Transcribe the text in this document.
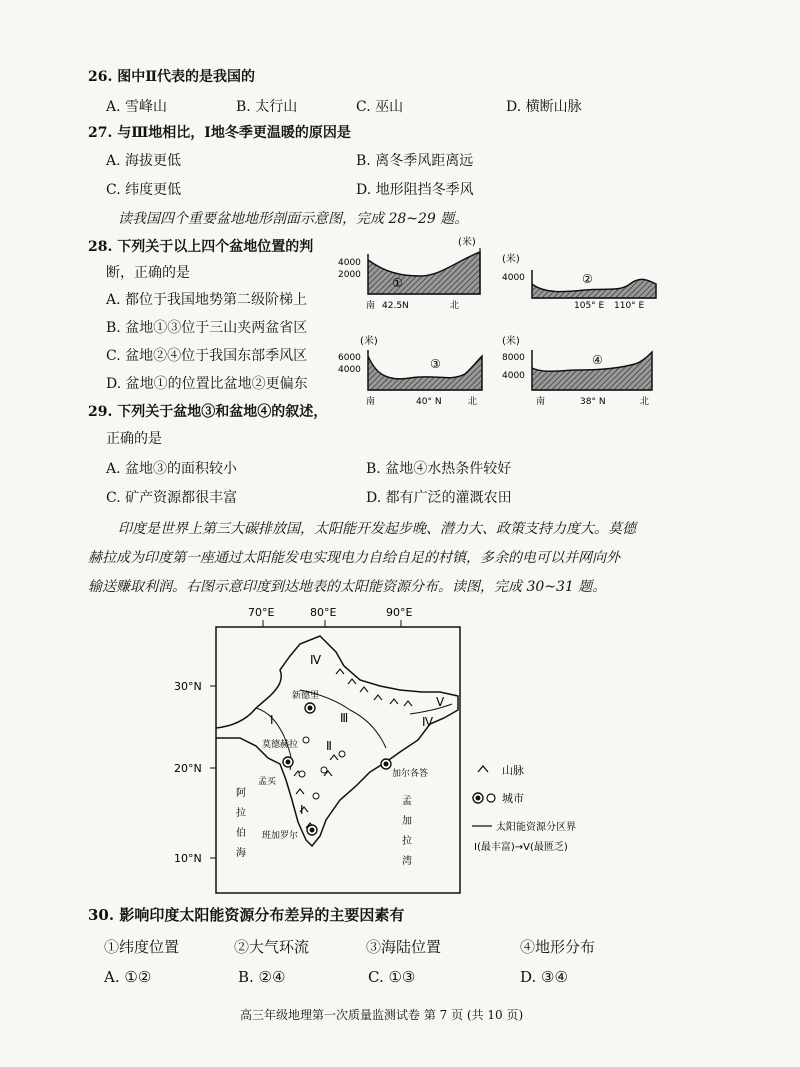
26. 图中Ⅱ代表的是我国的
A. 雪峰山	B. 太行山	C. 巫山	D. 横断山脉
27. 与Ⅲ地相比，Ⅰ地冬季更温暖的原因是
A. 海拔更低	B. 离冬季风距离远
C. 纬度更低	D. 地形阻挡冬季风
读我国四个重要盆地地形剖面示意图，完成 28~29 题。
28. 下列关于以上四个盆地位置的判
断，正确的是
A. 都位于我国地势第二级阶梯上
B. 盆地①③位于三山夹两盆省区
C. 盆地②④位于我国东部季风区
D. 盆地①的位置比盆地②更偏东
(米)
4000
2000
①
南 42.5N	北
(米)
4000	②
105° E 110° E
(米)
6000
4000	③
南	40° N	北
(米)
8000
4000
④
南	38° N	北
29. 下列关于盆地③和盆地④的叙述，
正确的是
A. 盆地③的面积较小	B. 盆地④水热条件较好
C. 矿产资源都很丰富	D. 都有广泛的灌溉农田
印度是世界上第三大碳排放国，太阳能开发起步晚、潜力大、政策支持力度大。莫德
赫拉成为印度第一座通过太阳能发电实现电力自给自足的村镇，多余的电可以并网向外
输送赚取利润。右图示意印度到达地表的太阳能资源分布。读图，完成 30~31 题。
70°E	80°E	90°E
30°N
20°N
10°N
Ⅳ
Ⅰ	Ⅲ
Ⅱ
Ⅳ
Ⅴ
Ⅰ
新德里
莫德赫拉
孟买
加尔各答
班加罗尔
阿
拉
伯
海
孟
加
拉
湾
山脉
城市
太阳能资源分区界
Ⅰ(最丰富)→Ⅴ(最匮乏)
30. 影响印度太阳能资源分布差异的主要因素有
①纬度位置	②大气环流	③海陆位置	④地形分布
A. ①②	B. ②④	C. ①③	D. ③④
高三年级地理第一次质量监测试卷 第 7 页 (共 10 页)
